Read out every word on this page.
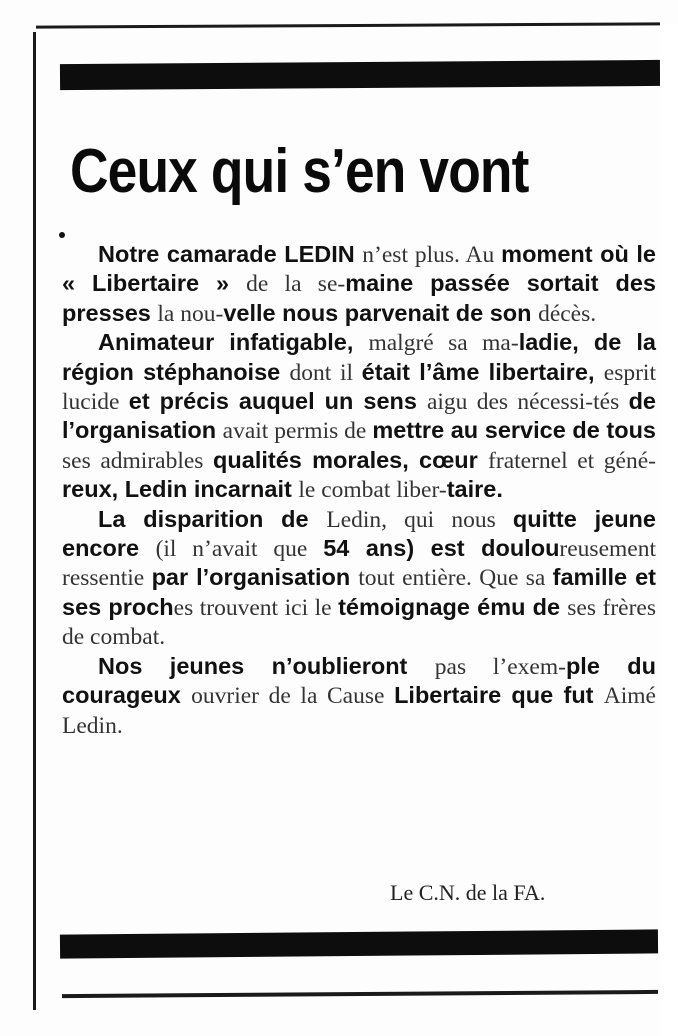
Ceux qui s’en vont

Notre camarade LEDIN n’est plus. Au moment où le « Libertaire » de la se-maine passée sortait des presses la nou-velle nous parvenait de son décès.

Animateur infatigable, malgré sa ma-ladie, de la région stéphanoise dont il était l’âme libertaire, esprit lucide et précis auquel un sens aigu des nécessi-tés de l’organisation avait permis de mettre au service de tous ses admirables qualités morales, cœur fraternel et géné-reux, Ledin incarnait le combat liber-taire.

La disparition de Ledin, qui nous quitte jeune encore (il n’avait que 54 ans) est douloureusement ressentie par l’organisation tout entière. Que sa famille et ses proches trouvent ici le témoignage ému de ses frères de combat.

Nos jeunes n’oublieront pas l’exem-ple du courageux ouvrier de la Cause Libertaire que fut Aimé Ledin.

Le C.N. de la FA.
